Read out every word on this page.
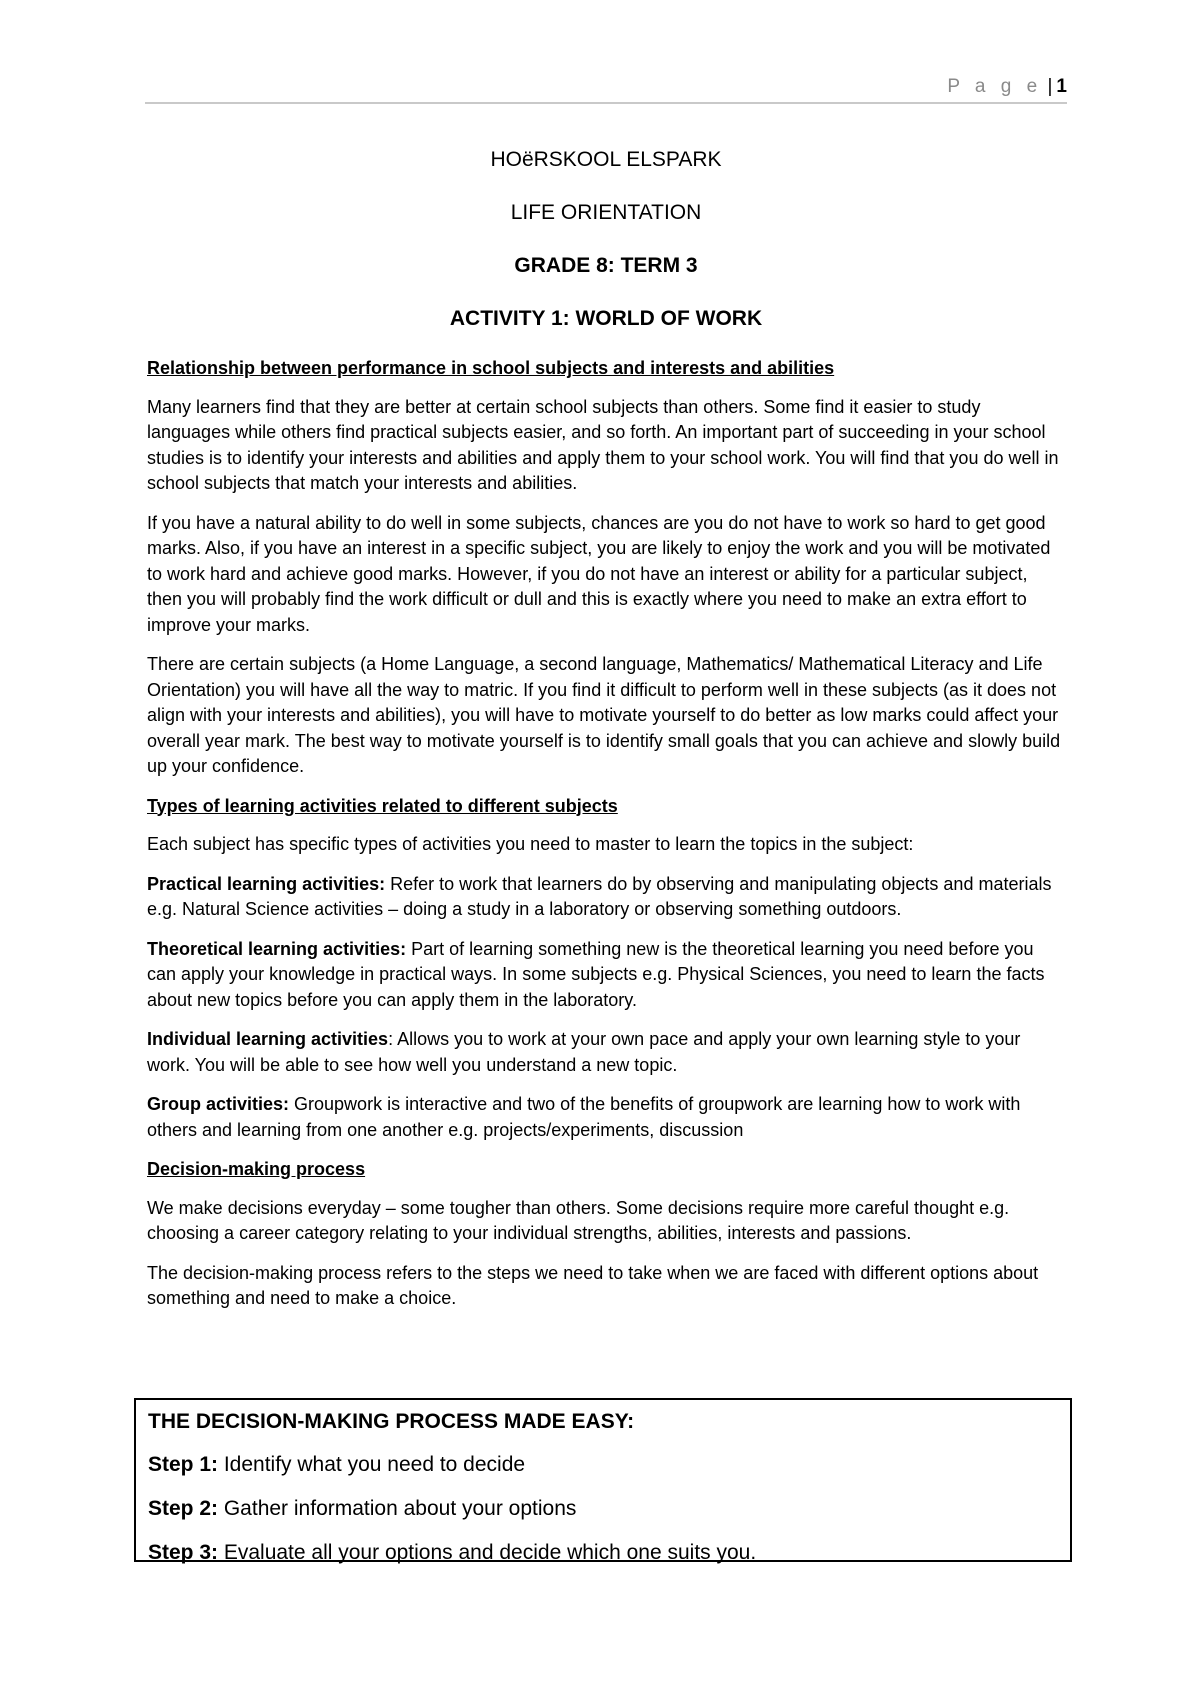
P a g e | 1
HOëRSKOOL ELSPARK
LIFE ORIENTATION
GRADE 8: TERM 3
ACTIVITY 1: WORLD OF WORK
Relationship between performance in school subjects and interests and abilities

Many learners find that they are better at certain school subjects than others. Some find it easier to study languages while others find practical subjects easier, and so forth. An important part of succeeding in your school studies is to identify your interests and abilities and apply them to your school work. You will find that you do well in school subjects that match your interests and abilities.

If you have a natural ability to do well in some subjects, chances are you do not have to work so hard to get good marks. Also, if you have an interest in a specific subject, you are likely to enjoy the work and you will be motivated to work hard and achieve good marks. However, if you do not have an interest or ability for a particular subject, then you will probably find the work difficult or dull and this is exactly where you need to make an extra effort to improve your marks.

There are certain subjects (a Home Language, a second language, Mathematics/ Mathematical Literacy and Life Orientation) you will have all the way to matric. If you find it difficult to perform well in these subjects (as it does not align with your interests and abilities), you will have to motivate yourself to do better as low marks could affect your overall year mark. The best way to motivate yourself is to identify small goals that you can achieve and slowly build up your confidence.

Types of learning activities related to different subjects

Each subject has specific types of activities you need to master to learn the topics in the subject:

Practical learning activities: Refer to work that learners do by observing and manipulating objects and materials e.g. Natural Science activities – doing a study in a laboratory or observing something outdoors.

Theoretical learning activities: Part of learning something new is the theoretical learning you need before you can apply your knowledge in practical ways. In some subjects e.g. Physical Sciences, you need to learn the facts about new topics before you can apply them in the laboratory.

Individual learning activities: Allows you to work at your own pace and apply your own learning style to your work. You will be able to see how well you understand a new topic.

Group activities: Groupwork is interactive and two of the benefits of groupwork are learning how to work with others and learning from one another e.g. projects/experiments, discussion

Decision-making process

We make decisions everyday – some tougher than others. Some decisions require more careful thought e.g. choosing a career category relating to your individual strengths, abilities, interests and passions.

The decision-making process refers to the steps we need to take when we are faced with different options about something and need to make a choice.

THE DECISION-MAKING PROCESS MADE EASY:
Step 1: Identify what you need to decide
Step 2: Gather information about your options
Step 3: Evaluate all your options and decide which one suits you.
